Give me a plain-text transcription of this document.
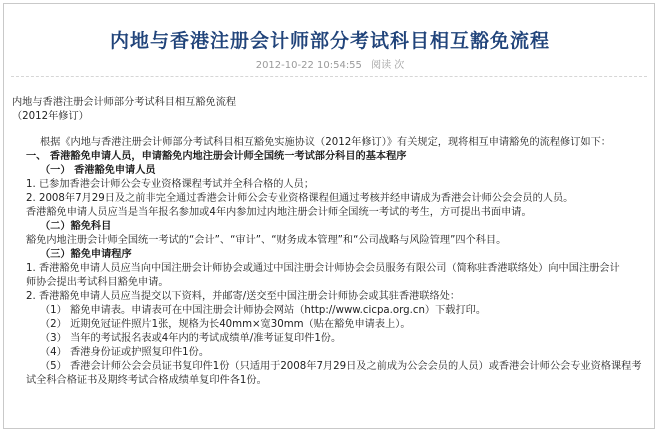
内地与香港注册会计师部分考试科目相互豁免流程
2012-10-22 10:54:55 阅读 次
内地与香港注册会计师部分考试科目相互豁免流程
（2012年修订）
根据《内地与香港注册会计师部分考试科目相互豁免实施协议（2012年修订）》有关规定，现将相互申请豁免的流程修订如下：
一、 香港豁免申请人员，申请豁免内地注册会计师全国统一考试部分科目的基本程序
（一） 香港豁免申请人员
1. 已参加香港会计师公会专业资格课程考试并全科合格的人员；
2. 2008年7月29日及之前非完全通过香港会计师公会专业资格课程但通过考核并经申请成为香港会计师公会会员的人员。
香港豁免申请人员应当是当年报名参加或4年内参加过内地注册会计师全国统一考试的考生，方可提出书面申请。
（二）豁免科目
豁免内地注册会计师全国统一考试的“会计”、“审计”、“财务成本管理”和“公司战略与风险管理”四个科目。
（三）豁免申请程序
1. 香港豁免申请人员应当向中国注册会计师协会或通过中国注册会计师协会会员服务有限公司（简称驻香港联络处）向中国注册会计
师协会提出考试科目豁免申请。
2. 香港豁免申请人员应当提交以下资料，并邮寄/送交至中国注册会计师协会或其驻香港联络处：
（1） 豁免申请表。申请表可在中国注册会计师协会网站（http://www.cicpa.org.cn）下载打印。
（2） 近期免冠证件照片1张，规格为长40mm×宽30mm（贴在豁免申请表上）。
（3） 当年的考试报名表或4年内的考试成绩单/准考证复印件1份。
（4） 香港身份证或护照复印件1份。
（5） 香港会计师公会会员证书复印件1份（只适用于2008年7月29日及之前成为公会会员的人员）或香港会计师公会专业资格课程考
试全科合格证书及期终考试合格成绩单复印件各1份。
